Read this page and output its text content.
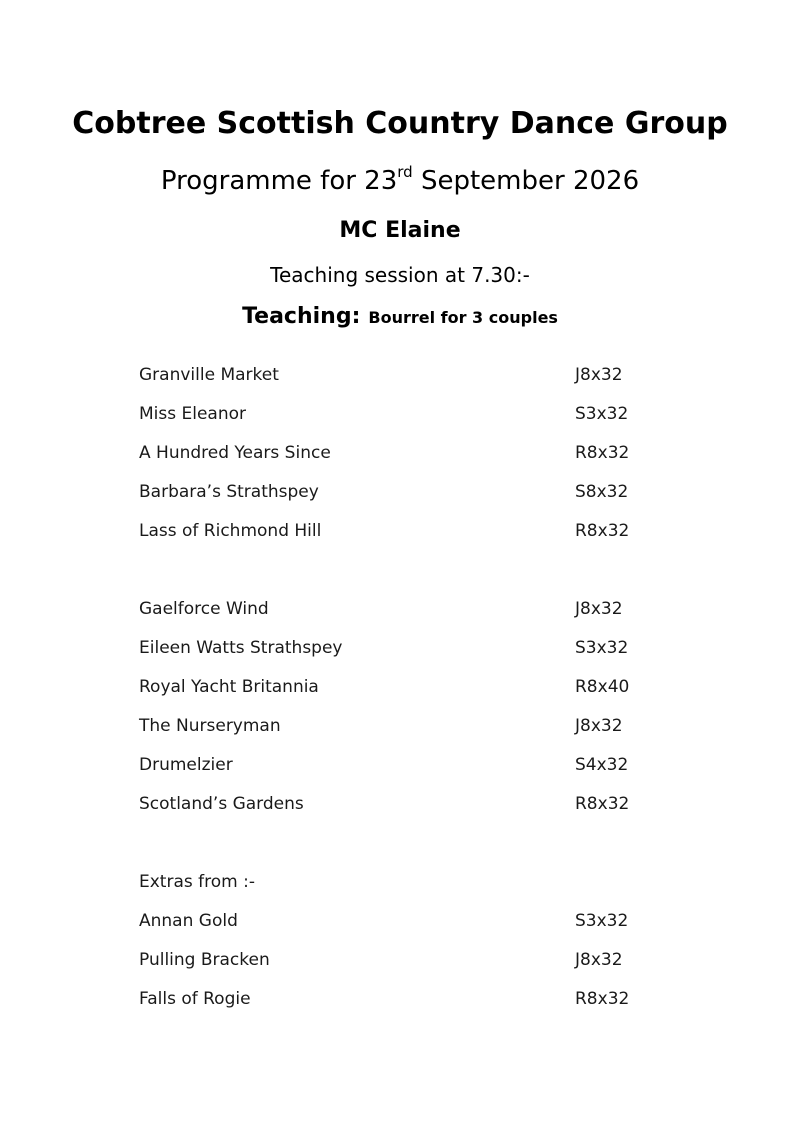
Cobtree Scottish Country Dance Group
Programme for 23rd September 2026
MC Elaine
Teaching session at 7.30:-
Teaching: Bourrel for 3 couples
Granville Market	J8x32
Miss Eleanor	S3x32
A Hundred Years Since	R8x32
Barbara’s Strathspey	S8x32
Lass of Richmond Hill	R8x32
Gaelforce Wind	J8x32
Eileen Watts Strathspey	S3x32
Royal Yacht Britannia	R8x40
The Nurseryman	J8x32
Drumelzier	S4x32
Scotland’s Gardens	R8x32
Extras from :-
Annan Gold	S3x32
Pulling Bracken	J8x32
Falls of Rogie	R8x32
